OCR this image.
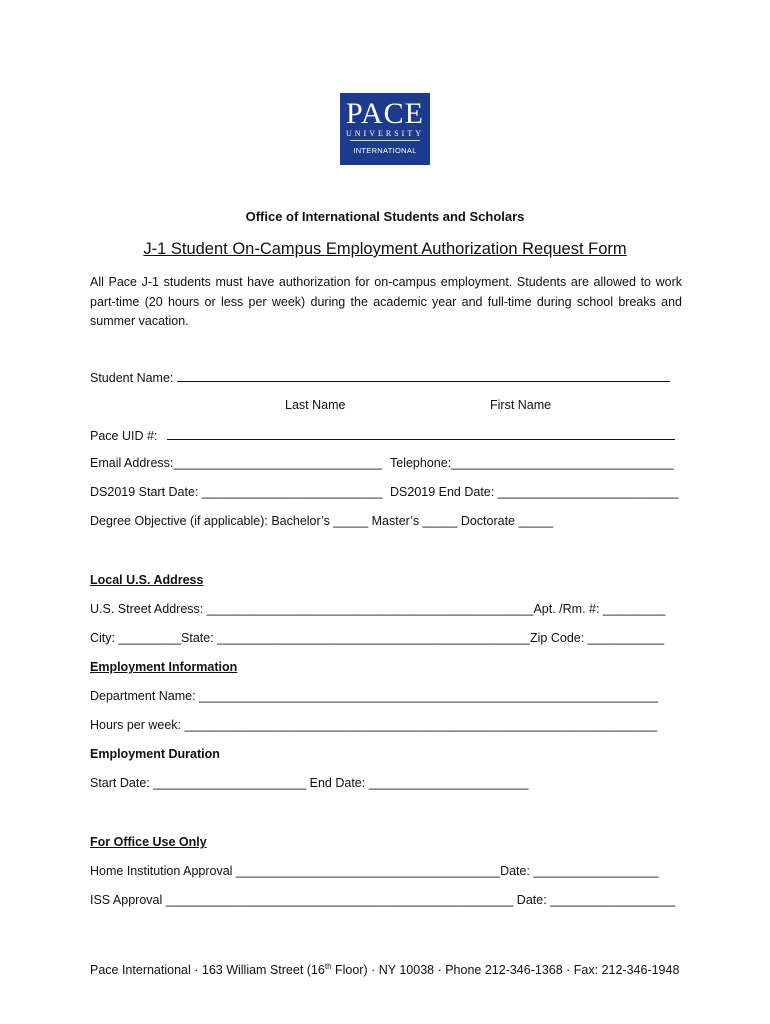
PACE
UNIVERSITY
INTERNATIONAL
Office of International Students and Scholars
J-1 Student On-Campus Employment Authorization Request Form
All Pace J-1 students must have authorization for on-campus employment. Students are allowed to work part-time (20 hours or less per week) during the academic year and full-time during school breaks and summer vacation.
Student Name:
Last Name	First Name
Pace UID #:
Email Address:______________________________ Telephone:________________________________
DS2019 Start Date: __________________________ DS2019 End Date: __________________________
Degree Objective (if applicable): Bachelor’s _____ Master’s _____ Doctorate _____
Local U.S. Address
U.S. Street Address: _______________________________________________Apt. /Rm. #: _________
City: _________State: _____________________________________________Zip Code: ___________
Employment Information
Department Name: __________________________________________________________________
Hours per week: ____________________________________________________________________
Employment Duration
Start Date: ______________________ End Date: _______________________
For Office Use Only
Home Institution Approval ______________________________________Date: __________________
ISS Approval __________________________________________________ Date: __________________
Pace International · 163 William Street (16th Floor) · NY 10038 · Phone 212-346-1368 · Fax: 212-346-1948
